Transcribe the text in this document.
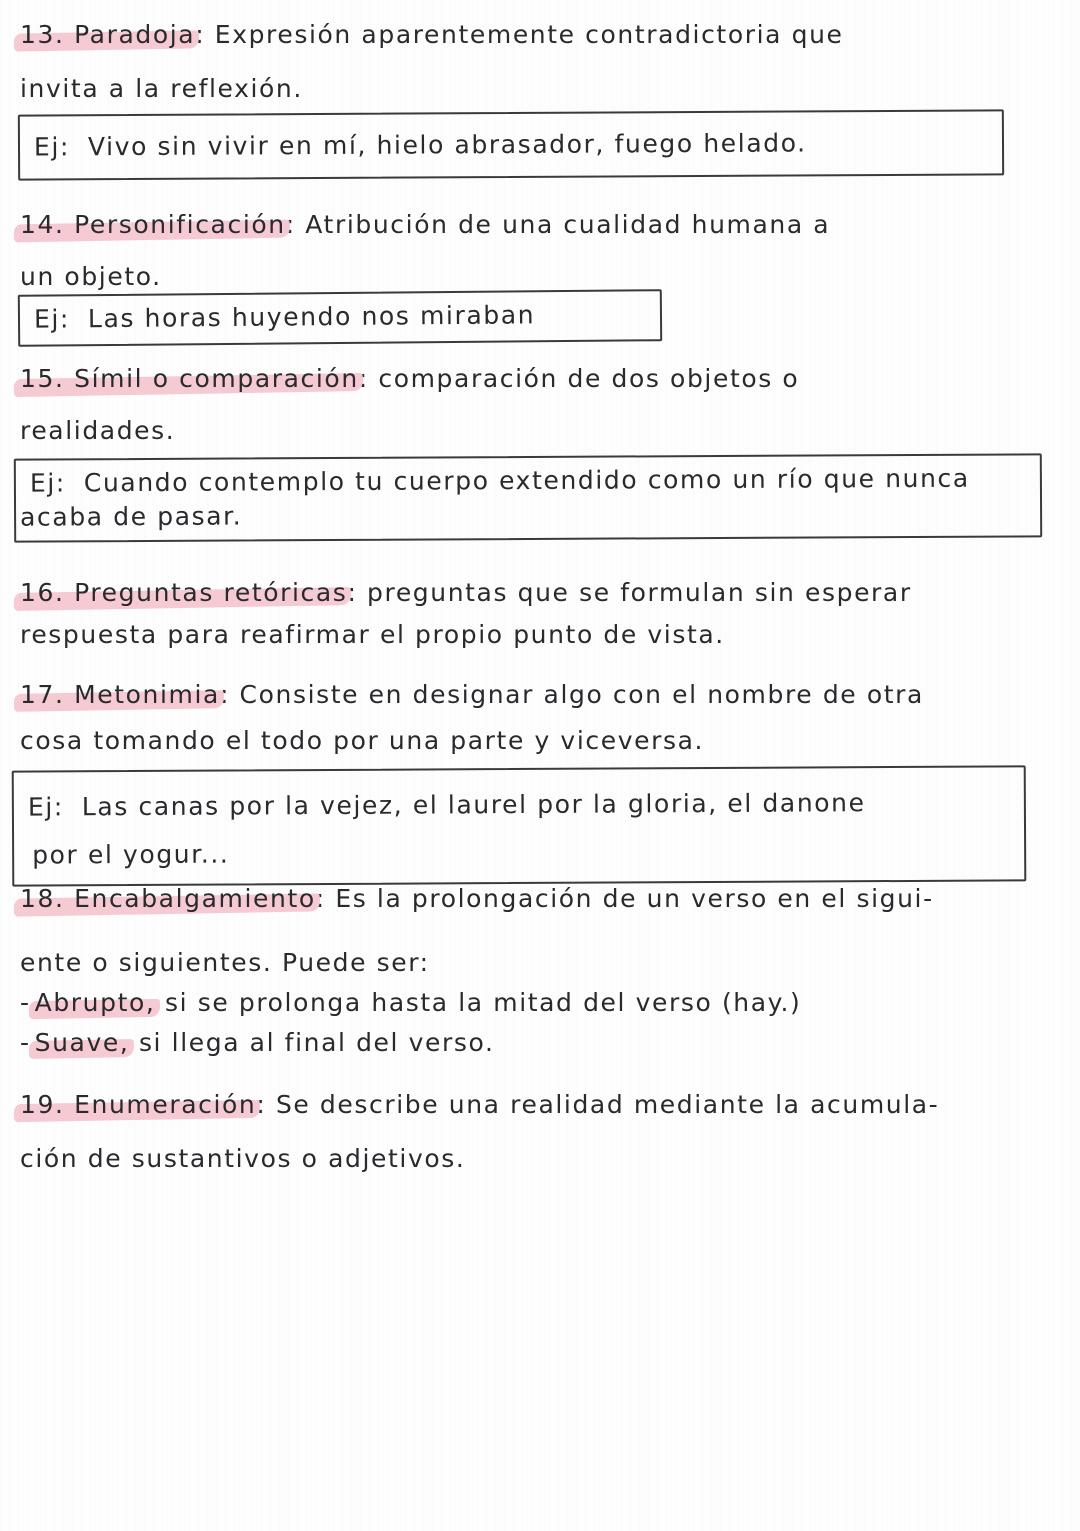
13. Paradoja: Expresión aparentemente contradictoria que
invita a la reflexión.
Ej: Vivo sin vivir en mí, hielo abrasador, fuego helado.
14. Personificación: Atribución de una cualidad humana a
un objeto.
Ej: Las horas huyendo nos miraban
15. Símil o comparación: comparación de dos objetos o
realidades.
Ej: Cuando contemplo tu cuerpo extendido como un río que nunca
acaba de pasar.
16. Preguntas retóricas: preguntas que se formulan sin esperar
respuesta para reafirmar el propio punto de vista.
17. Metonimia: Consiste en designar algo con el nombre de otra
cosa tomando el todo por una parte y viceversa.
Ej: Las canas por la vejez, el laurel por la gloria, el danone
por el yogur...
18. Encabalgamiento: Es la prolongación de un verso en el sigui-
ente o siguientes. Puede ser:
- Abrupto, si se prolonga hasta la mitad del verso (hay.)
- Suave, si llega al final del verso.
19. Enumeración: Se describe una realidad mediante la acumula-
ción de sustantivos o adjetivos.
